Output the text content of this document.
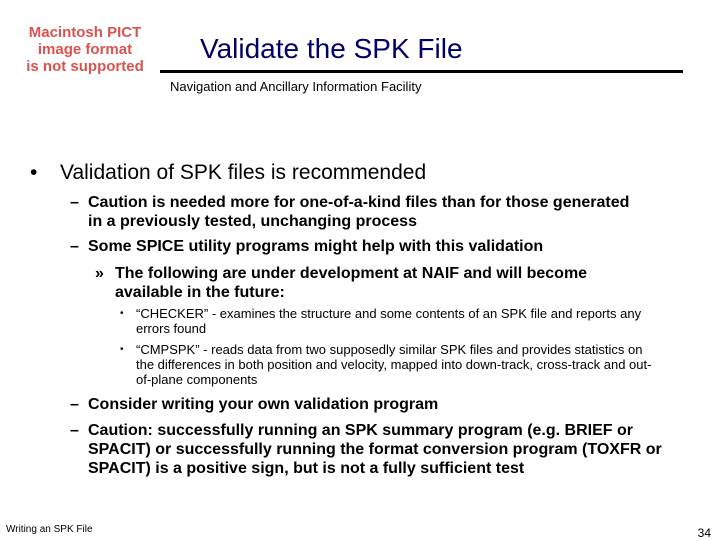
Macintosh PICT
image format
is not supported
Validate the SPK File
Navigation and Ancillary Information Facility
• Validation of SPK files is recommended
– Caution is needed more for one-of-a-kind files than for those generated in a previously tested, unchanging process
– Some SPICE utility programs might help with this validation
» The following are under development at NAIF and will become available in the future:
• “CHECKER” - examines the structure and some contents of an SPK file and reports any errors found
• “CMPSPK” - reads data from two supposedly similar SPK files and provides statistics on the differences in both position and velocity, mapped into down-track, cross-track and out-of-plane components
– Consider writing your own validation program
– Caution: successfully running an SPK summary program (e.g. BRIEF or SPACIT) or successfully running the format conversion program (TOXFR or SPACIT) is a positive sign, but is not a fully sufficient test
Writing an SPK File	34
